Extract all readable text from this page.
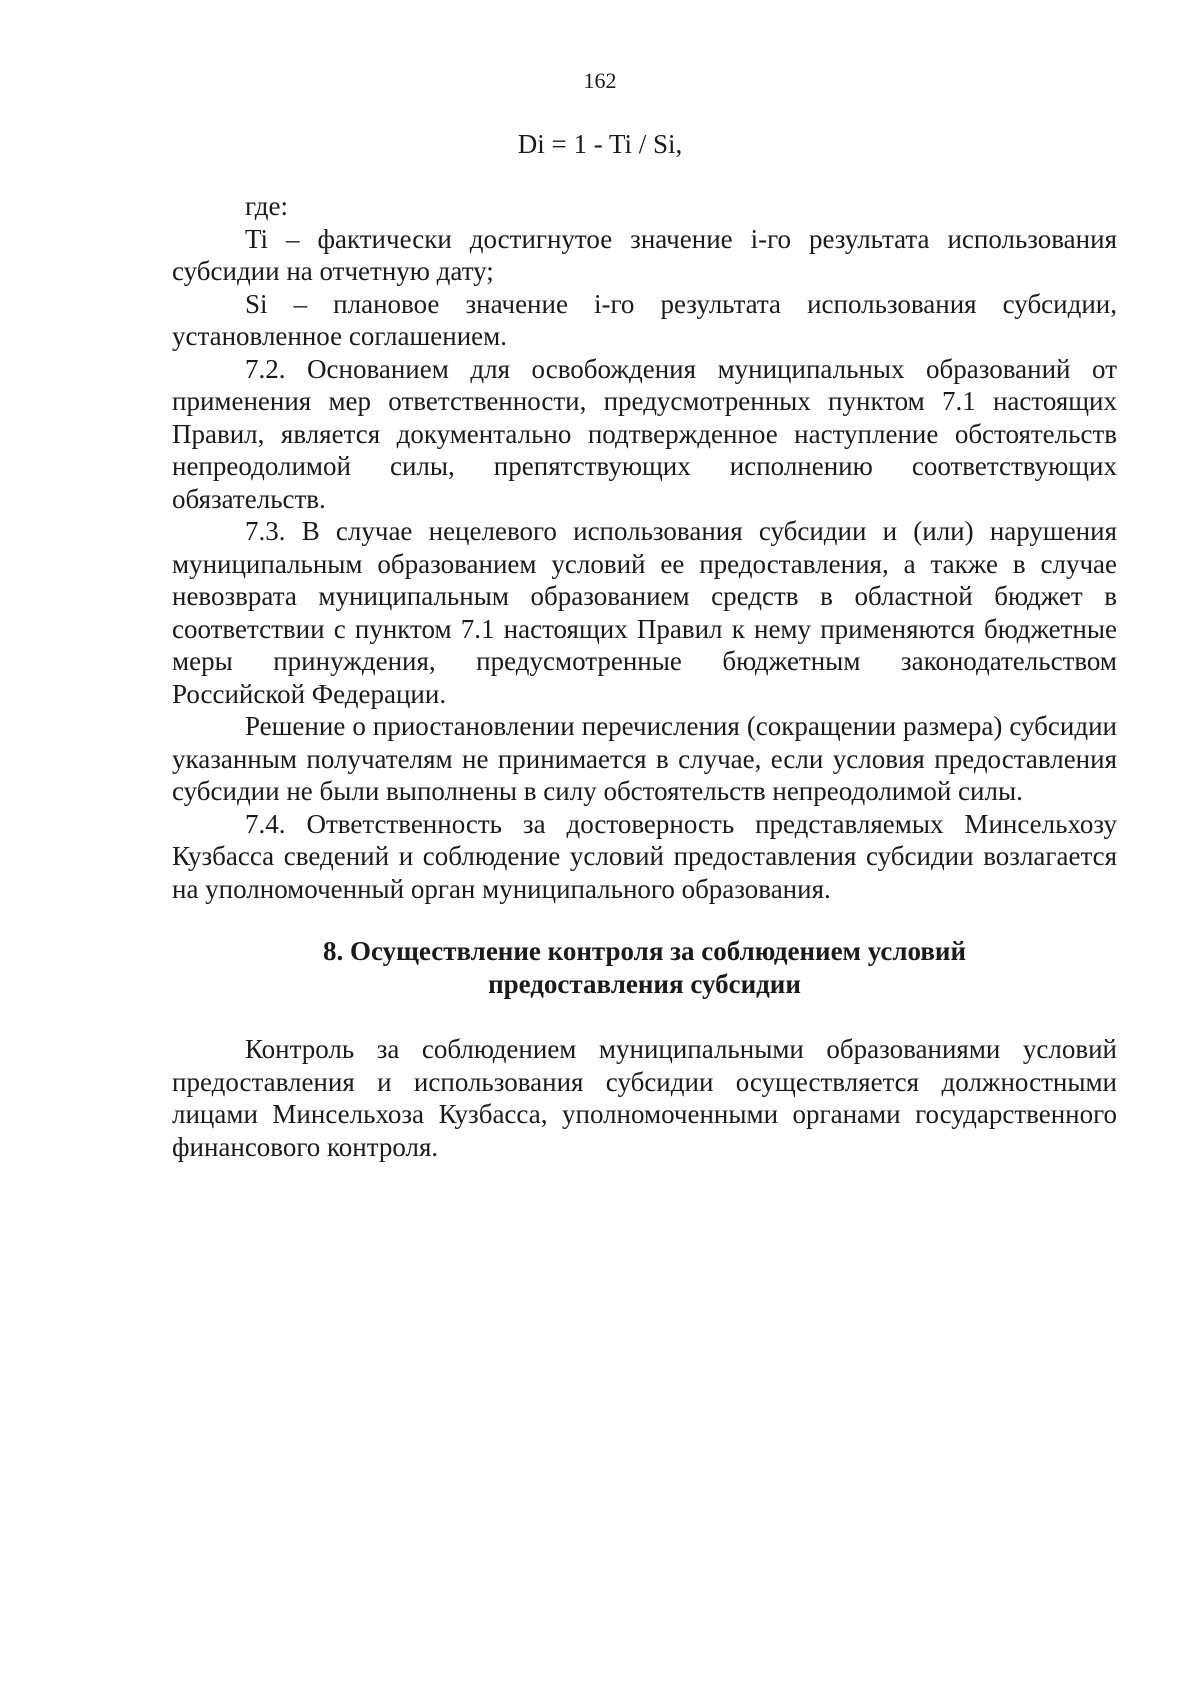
162
Di = 1 - Ti / Si,

где:

Ti – фактически достигнутое значение i-го результата использования субсидии на отчетную дату;

Si – плановое значение i-го результата использования субсидии, установленное соглашением.

7.2. Основанием для освобождения муниципальных образований от применения мер ответственности, предусмотренных пунктом 7.1 настоящих Правил, является документально подтвержденное наступление обстоятельств непреодолимой силы, препятствующих исполнению соответствующих обязательств.

7.3. В случае нецелевого использования субсидии и (или) нарушения муниципальным образованием условий ее предоставления, а также в случае невозврата муниципальным образованием средств в областной бюджет в соответствии с пунктом 7.1 настоящих Правил к нему применяются бюджетные меры принуждения, предусмотренные бюджетным законодательством Российской Федерации.

Решение о приостановлении перечисления (сокращении размера) субсидии указанным получателям не принимается в случае, если условия предоставления субсидии не были выполнены в силу обстоятельств непреодолимой силы.

7.4. Ответственность за достоверность представляемых Минсельхозу Кузбасса сведений и соблюдение условий предоставления субсидии возлагается на уполномоченный орган муниципального образования.

8. Осуществление контроля за соблюдением условий
предоставления субсидии

Контроль за соблюдением муниципальными образованиями условий предоставления и использования субсидии осуществляется должностными лицами Минсельхоза Кузбасса, уполномоченными органами государственного финансового контроля.
